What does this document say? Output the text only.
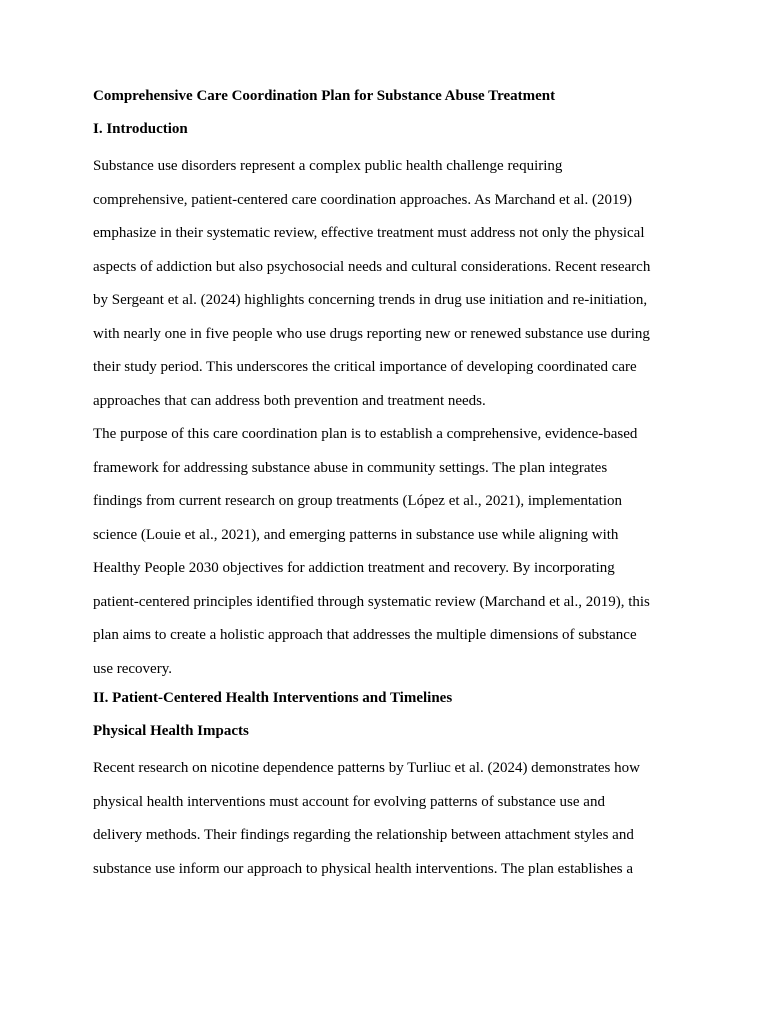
Comprehensive Care Coordination Plan for Substance Abuse Treatment
I. Introduction
Substance use disorders represent a complex public health challenge requiring
comprehensive, patient-centered care coordination approaches. As Marchand et al. (2019)
emphasize in their systematic review, effective treatment must address not only the physical
aspects of addiction but also psychosocial needs and cultural considerations. Recent research
by Sergeant et al. (2024) highlights concerning trends in drug use initiation and re-initiation,
with nearly one in five people who use drugs reporting new or renewed substance use during
their study period. This underscores the critical importance of developing coordinated care
approaches that can address both prevention and treatment needs.
The purpose of this care coordination plan is to establish a comprehensive, evidence-based
framework for addressing substance abuse in community settings. The plan integrates
findings from current research on group treatments (López et al., 2021), implementation
science (Louie et al., 2021), and emerging patterns in substance use while aligning with
Healthy People 2030 objectives for addiction treatment and recovery. By incorporating
patient-centered principles identified through systematic review (Marchand et al., 2019), this
plan aims to create a holistic approach that addresses the multiple dimensions of substance
use recovery.
II. Patient-Centered Health Interventions and Timelines
Physical Health Impacts
Recent research on nicotine dependence patterns by Turliuc et al. (2024) demonstrates how
physical health interventions must account for evolving patterns of substance use and
delivery methods. Their findings regarding the relationship between attachment styles and
substance use inform our approach to physical health interventions. The plan establishes a
